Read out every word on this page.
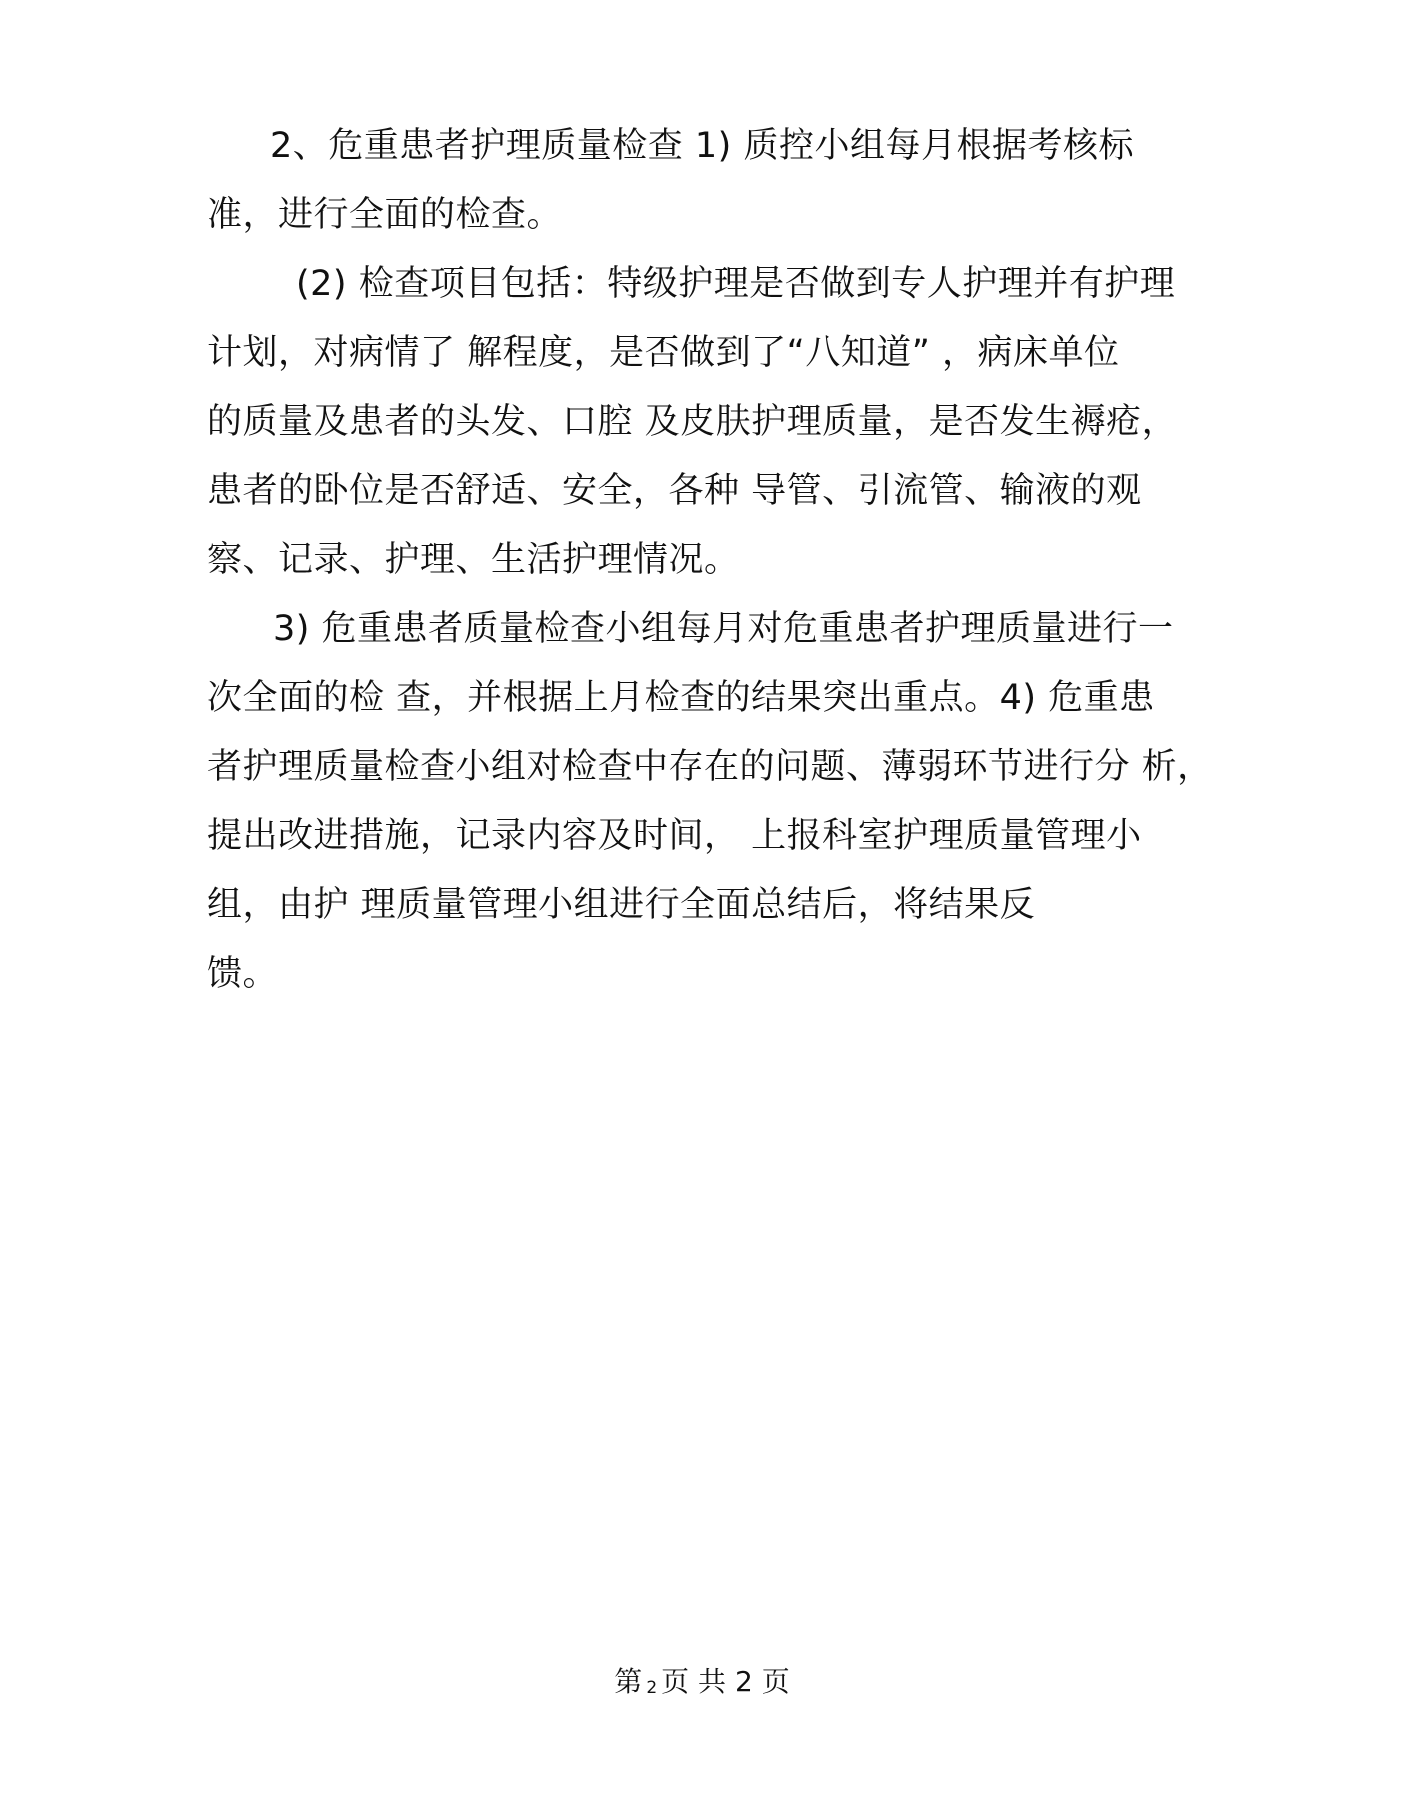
2、危重患者护理质量检查 1) 质控小组每月根据考核标
准，进行全面的检查。
(2) 检查项目包括：特级护理是否做到专人护理并有护理
计划，对病情了 解程度，是否做到了“八知道” ，病床单位
的质量及患者的头发、口腔 及皮肤护理质量，是否发生褥疮，
患者的卧位是否舒适、安全，各种 导管、引流管、输液的观
察、记录、护理、生活护理情况。
3) 危重患者质量检查小组每月对危重患者护理质量进行一
次全面的检 查，并根据上月检查的结果突出重点。4) 危重患
者护理质量检查小组对检查中存在的问题、薄弱环节进行分 析，
提出改进措施，记录内容及时间， 上报科室护理质量管理小
组，由护 理质量管理小组进行全面总结后，将结果反
馈。
第 2 页 共 2 页
